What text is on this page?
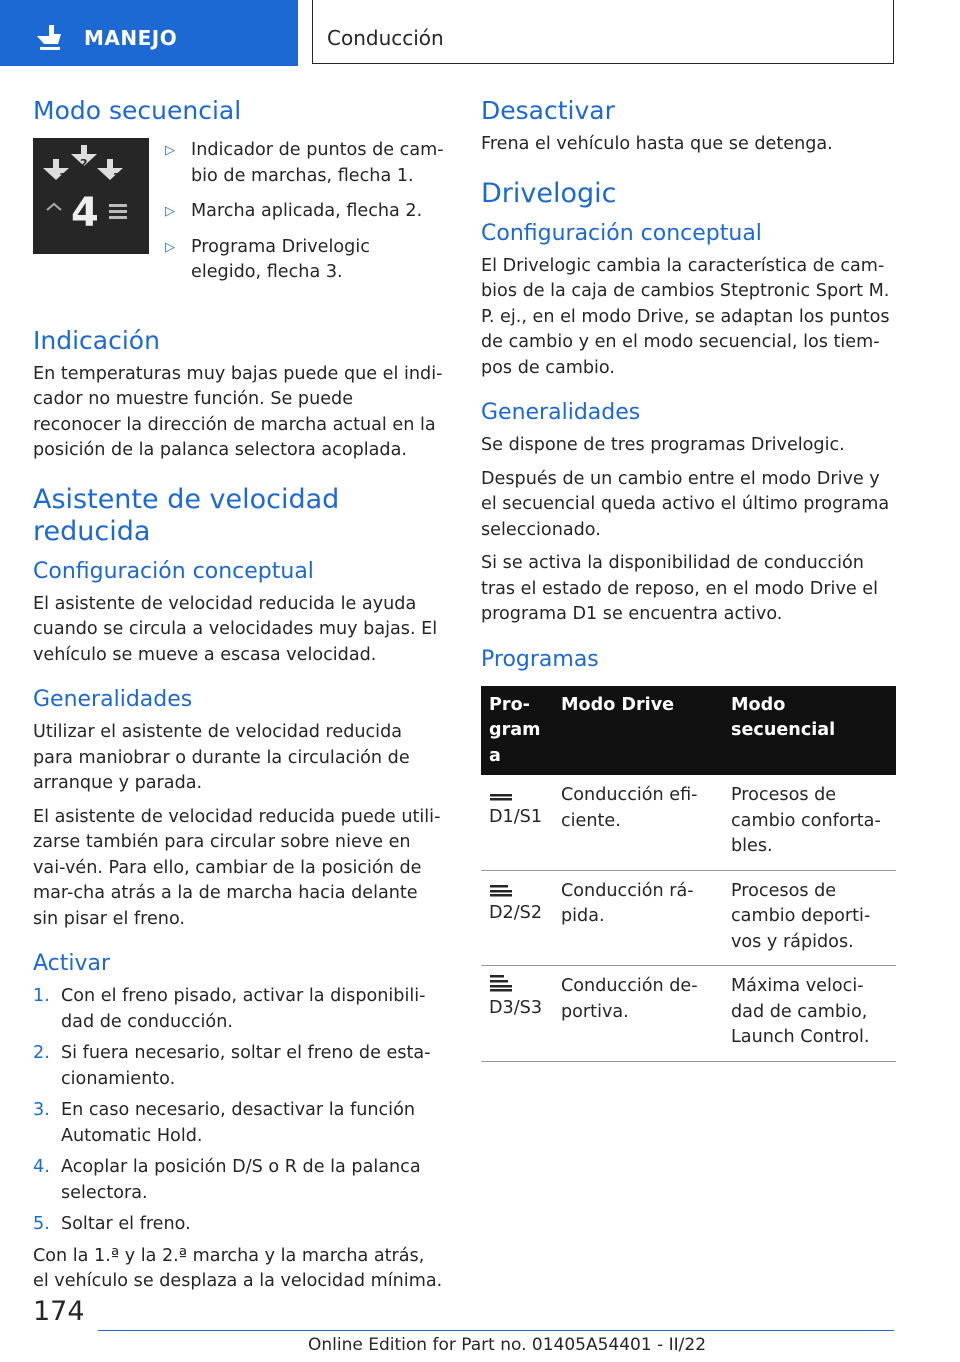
MANEJO	Conducción
Modo secuencial
1
2
3
4
▷ Indicador de puntos de cam-bio de marchas, flecha 1.
▷ Marcha aplicada, flecha 2.
▷ Programa Drivelogic elegido, flecha 3.
Indicación

En temperaturas muy bajas puede que el indi-cador no muestre función. Se puede reconocer la dirección de marcha actual en la posición de la palanca selectora acoplada.

Asistente de velocidad reducida
Configuración conceptual

El asistente de velocidad reducida le ayuda cuando se circula a velocidades muy bajas. El vehículo se mueve a escasa velocidad.

Generalidades

Utilizar el asistente de velocidad reducida para maniobrar o durante la circulación de arranque y parada.

El asistente de velocidad reducida puede utili-zarse también para circular sobre nieve en vai-vén. Para ello, cambiar de la posición de mar-cha atrás a la de marcha hacia delante sin pisar el freno.

Activar
1. Con el freno pisado, activar la disponibili-dad de conducción.
2. Si fuera necesario, soltar el freno de esta-cionamiento.
3. En caso necesario, desactivar la función Automatic Hold.
4. Acoplar la posición D/S o R de la palanca selectora.
5. Soltar el freno.

Con la 1.ª y la 2.ª marcha y la marcha atrás, el vehículo se desplaza a la velocidad mínima.

Desactivar

Frena el vehículo hasta que se detenga.

Drivelogic
Configuración conceptual

El Drivelogic cambia la característica de cam-bios de la caja de cambios Steptronic Sport M. P. ej., en el modo Drive, se adaptan los puntos de cambio y en el modo secuencial, los tiem-pos de cambio.

Generalidades

Se dispone de tres programas Drivelogic.

Después de un cambio entre el modo Drive y el secuencial queda activo el último programa seleccionado.

Si se activa la disponibilidad de conducción tras el estado de reposo, en el modo Drive el programa D1 se encuentra activo.

Programas
Pro-gram a	Modo Drive	Modo secuencial

D1/S1	Conducción efi-ciente.	Procesos de cambio conforta-bles.

D2/S2	Conducción rá-pida.	Procesos de cambio deporti-vos y rápidos.

D3/S3	Conducción de-portiva.	Máxima veloci-dad de cambio, Launch Control.
174
Online Edition for Part no. 01405A54401 - II/22
